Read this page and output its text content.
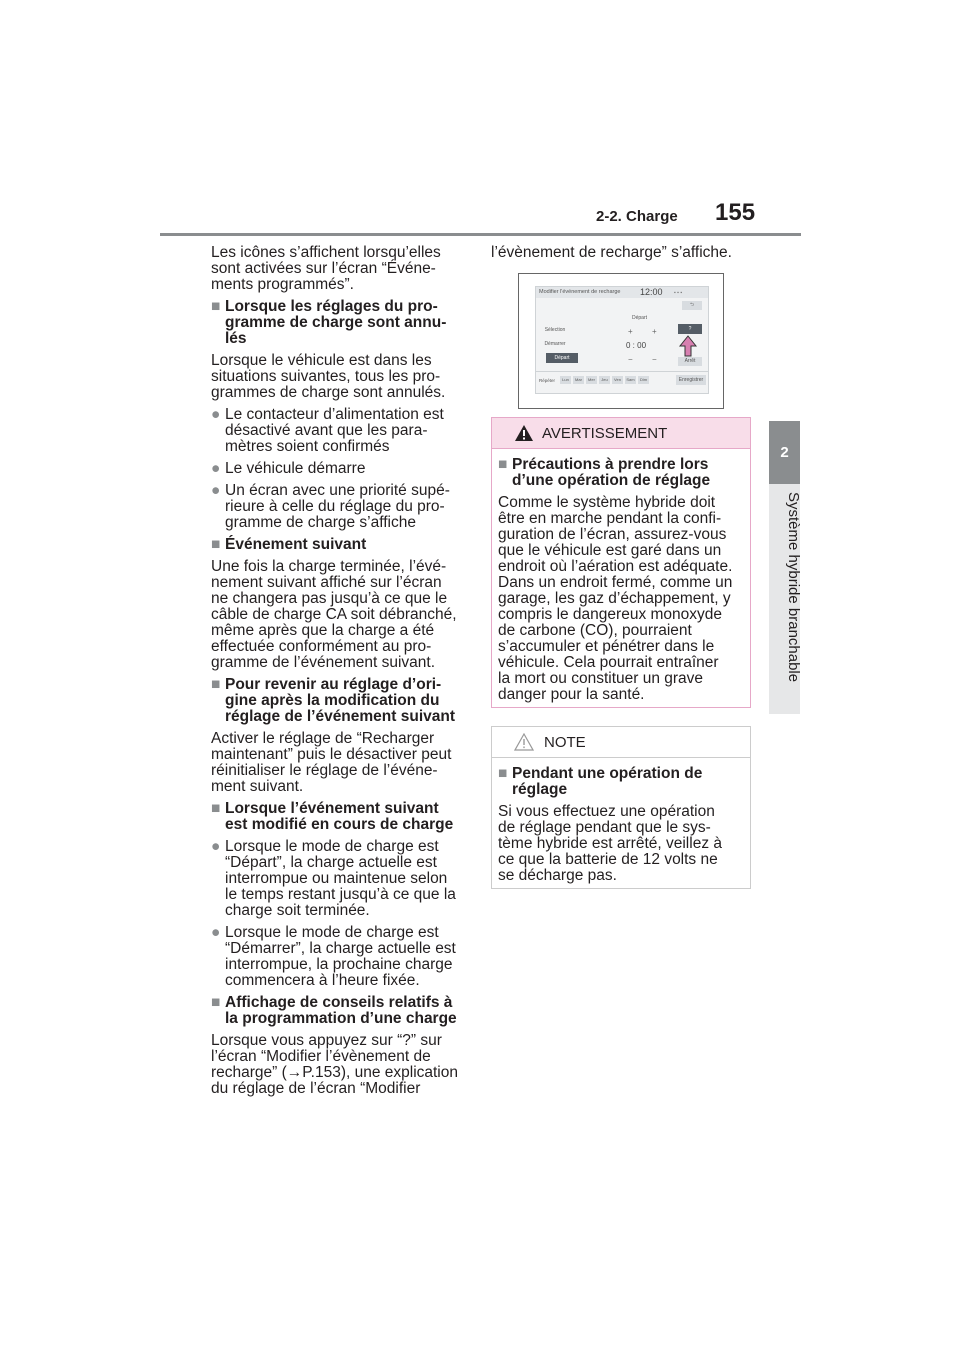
2-2. Charge 155
2
Système hybride branchable

Les icônes s’affichent lorsqu’elles
sont activées sur l’écran “Événe-
ments programmés”.

■ Lorsque les réglages du pro-
gramme de charge sont annu-
lés

Lorsque le véhicule est dans les
situations suivantes, tous les pro-
grammes de charge sont annulés.

● Le contacteur d’alimentation est
désactivé avant que les para-
mètres soient confirmés

● Le véhicule démarre

● Un écran avec une priorité supé-
rieure à celle du réglage du pro-
gramme de charge s’affiche

■ Événement suivant

Une fois la charge terminée, l’évé-
nement suivant affiché sur l’écran
ne changera pas jusqu’à ce que le
câble de charge CA soit débranché,
même après que la charge a été
effectuée conformément au pro-
gramme de l’événement suivant.

■ Pour revenir au réglage d’ori-
gine après la modification du
réglage de l’événement suivant

Activer le réglage de “Recharger
maintenant” puis le désactiver peut
réinitialiser le réglage de l’événe-
ment suivant.

■ Lorsque l’événement suivant
est modifié en cours de charge

● Lorsque le mode de charge est
“Départ”, la charge actuelle est
interrompue ou maintenue selon
le temps restant jusqu’à ce que la
charge soit terminée.

● Lorsque le mode de charge est
“Démarrer”, la charge actuelle est
interrompue, la prochaine charge
commencera à l’heure fixée.

■ Affichage de conseils relatifs à
la programmation d’une charge

Lorsque vous appuyez sur “?” sur
l’écran “Modifier l’évènement de
recharge” (→P.153), une explication
du réglage de l’écran “Modifier

l’évènement de recharge” s’affiche.

Modifier l'événement de recharge 12:00 ▪ ▪ ▪
⮌
Départ
Sélection
Démarrer
Départ
+ +
0 : 00
− −
?
Arrêt
Répéter	Lun	Mar	Mer	Jeu	Ven	Sam	Dim	Enregistrer
AVERTISSEMENT

■ Précautions à prendre lors
d’une opération de réglage

Comme le système hybride doit
être en marche pendant la confi-
guration de l’écran, assurez-vous
que le véhicule est garé dans un
endroit où l’aération est adéquate.
Dans un endroit fermé, comme un
garage, les gaz d’échappement, y
compris le dangereux monoxyde
de carbone (CO), pourraient
s’accumuler et pénétrer dans le
véhicule. Cela pourrait entraîner
la mort ou constituer un grave
danger pour la santé.

NOTE

■ Pendant une opération de
réglage

Si vous effectuez une opération
de réglage pendant que le sys-
tème hybride est arrêté, veillez à
ce que la batterie de 12 volts ne
se décharge pas.
